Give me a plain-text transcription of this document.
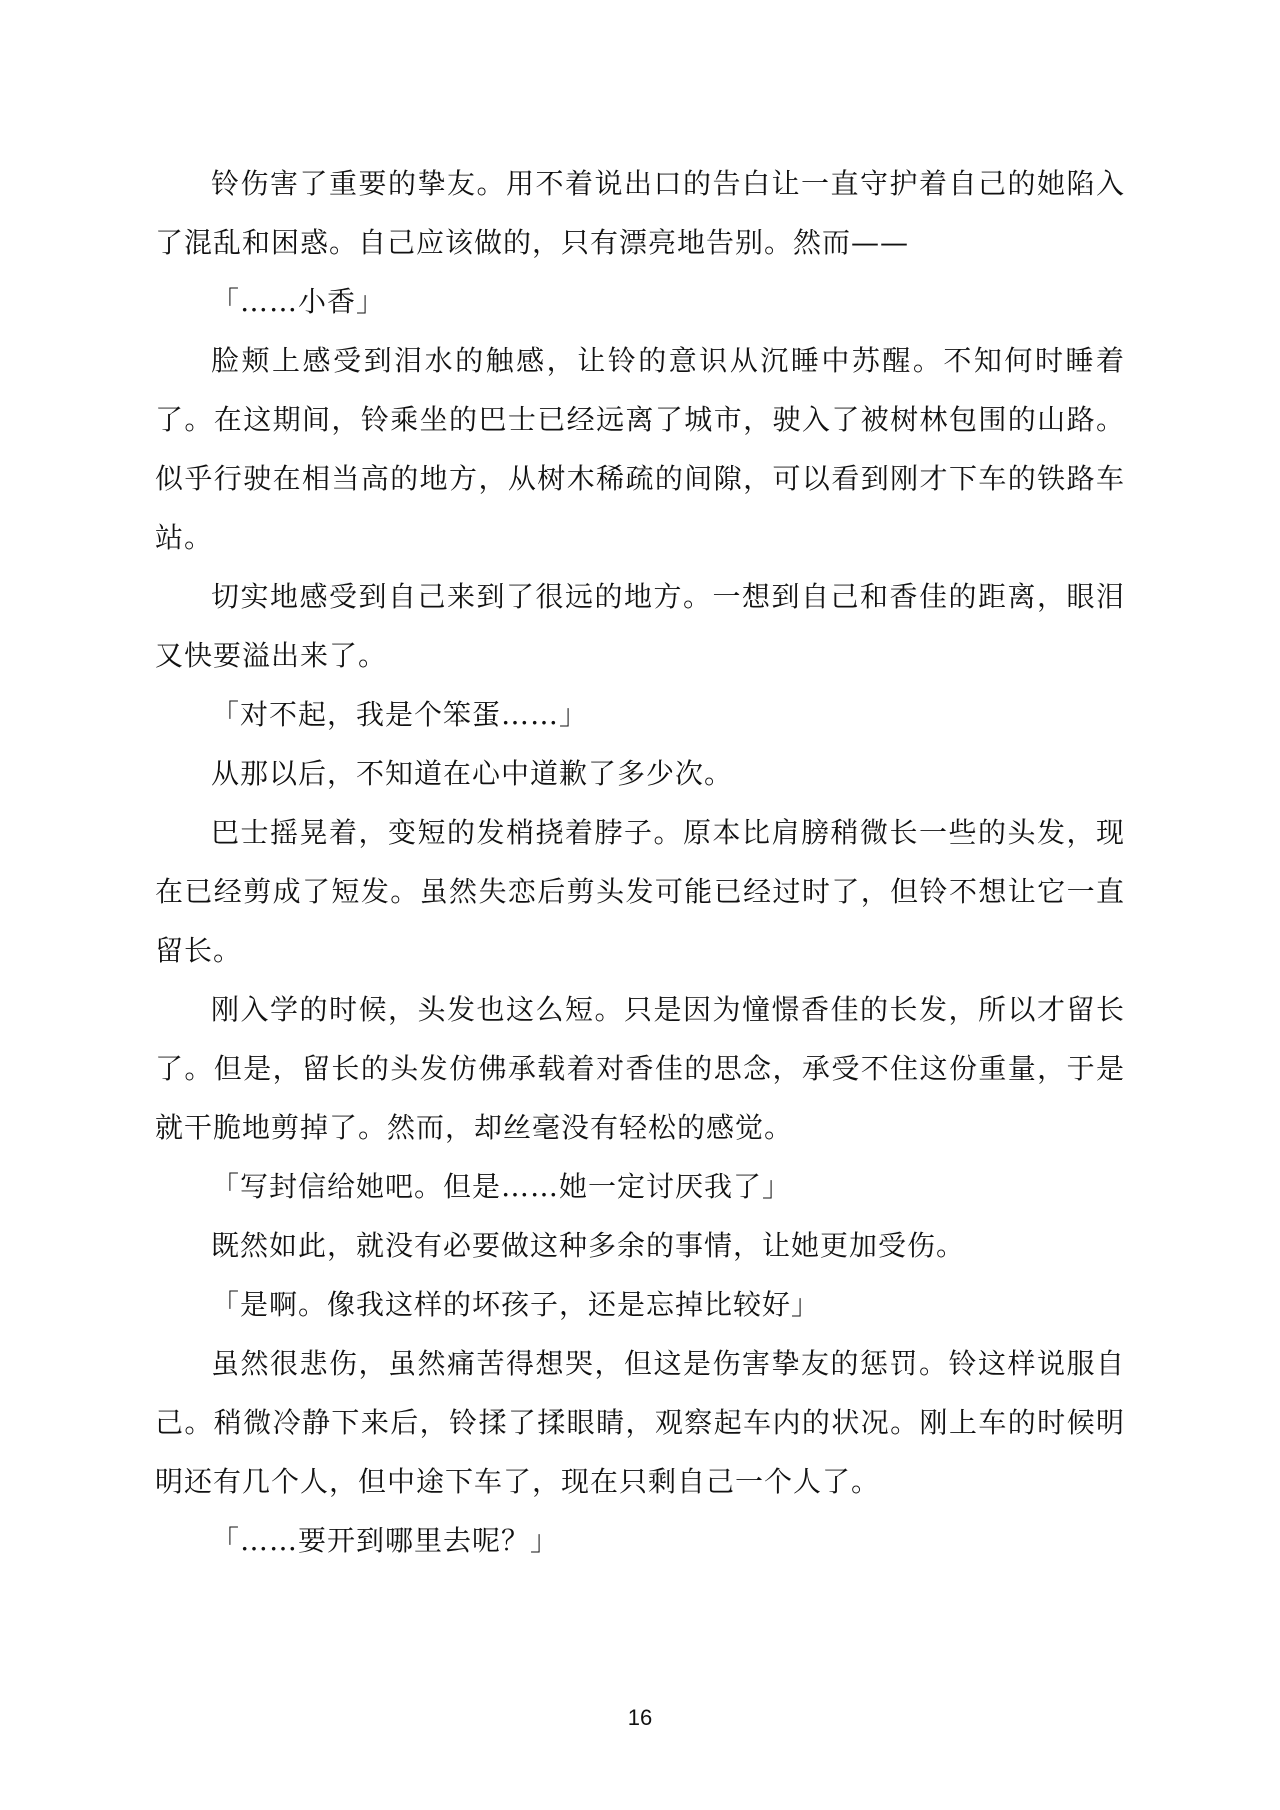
铃伤害了重要的挚友。用不着说出口的告白让一直守护着自己的她陷入了混乱和困惑。自己应该做的，只有漂亮地告别。然而——

「……小香」

脸颊上感受到泪水的触感，让铃的意识从沉睡中苏醒。不知何时睡着了。在这期间，铃乘坐的巴士已经远离了城市，驶入了被树林包围的山路。似乎行驶在相当高的地方，从树木稀疏的间隙，可以看到刚才下车的铁路车站。

切实地感受到自己来到了很远的地方。一想到自己和香佳的距离，眼泪又快要溢出来了。

「对不起，我是个笨蛋……」

从那以后，不知道在心中道歉了多少次。

巴士摇晃着，变短的发梢挠着脖子。原本比肩膀稍微长一些的头发，现在已经剪成了短发。虽然失恋后剪头发可能已经过时了，但铃不想让它一直留长。

刚入学的时候，头发也这么短。只是因为憧憬香佳的长发，所以才留长了。但是，留长的头发仿佛承载着对香佳的思念，承受不住这份重量，于是就干脆地剪掉了。然而，却丝毫没有轻松的感觉。

「写封信给她吧。但是……她一定讨厌我了」

既然如此，就没有必要做这种多余的事情，让她更加受伤。

「是啊。像我这样的坏孩子，还是忘掉比较好」

虽然很悲伤，虽然痛苦得想哭，但这是伤害挚友的惩罚。铃这样说服自己。稍微冷静下来后，铃揉了揉眼睛，观察起车内的状况。刚上车的时候明明还有几个人，但中途下车了，现在只剩自己一个人了。

「……要开到哪里去呢？」

16
